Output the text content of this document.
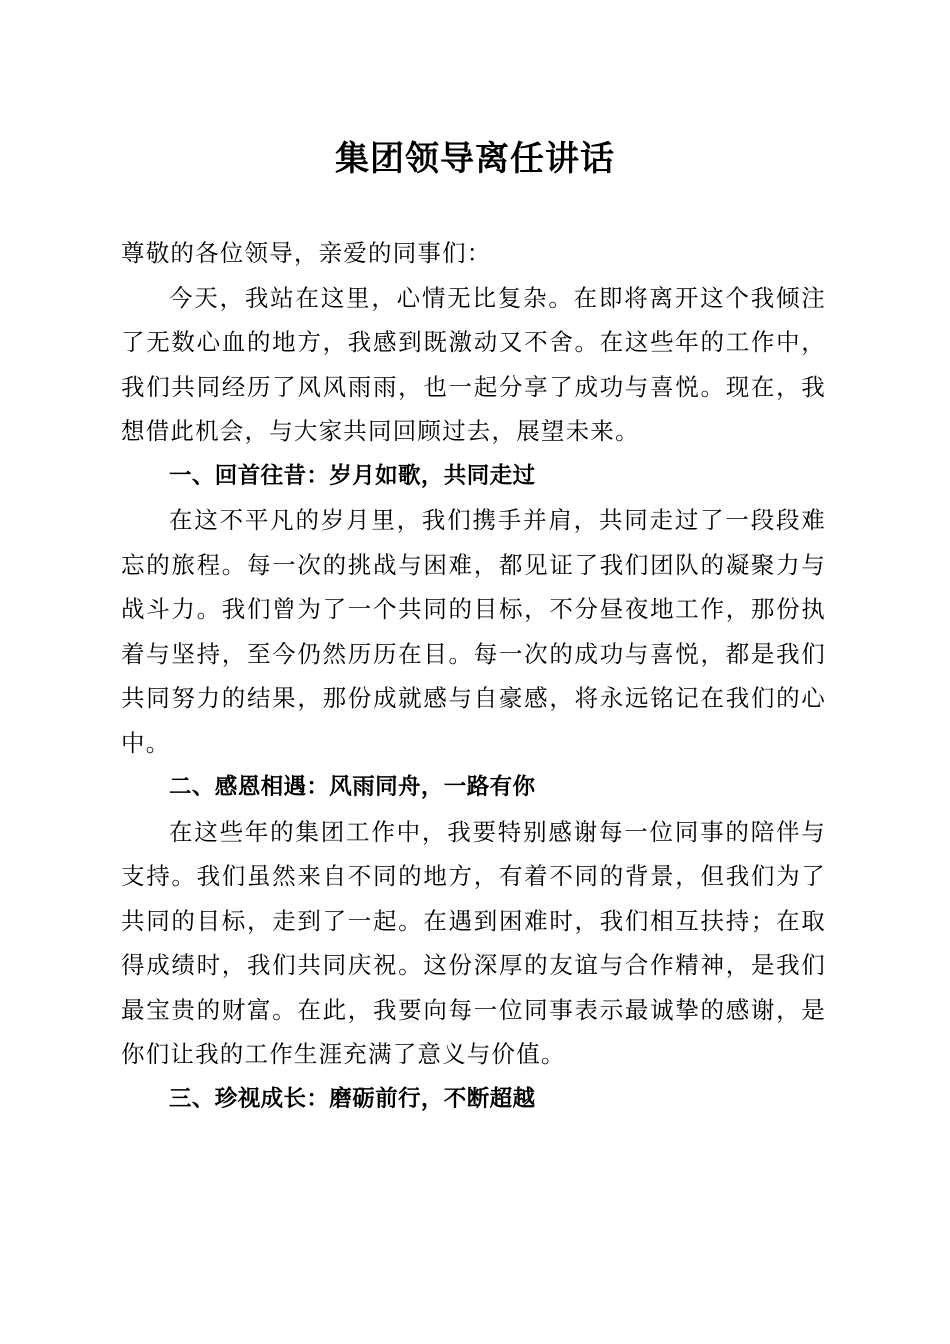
集团领导离任讲话

尊敬的各位领导，亲爱的同事们：

今天，我站在这里，心情无比复杂。在即将离开这个我倾注了无数心血的地方，我感到既激动又不舍。在这些年的工作中，我们共同经历了风风雨雨，也一起分享了成功与喜悦。现在，我想借此机会，与大家共同回顾过去，展望未来。

一、回首往昔：岁月如歌，共同走过

在这不平凡的岁月里，我们携手并肩，共同走过了一段段难忘的旅程。每一次的挑战与困难，都见证了我们团队的凝聚力与战斗力。我们曾为了一个共同的目标，不分昼夜地工作，那份执着与坚持，至今仍然历历在目。每一次的成功与喜悦，都是我们共同努力的结果，那份成就感与自豪感，将永远铭记在我们的心中。

二、感恩相遇：风雨同舟，一路有你

在这些年的集团工作中，我要特别感谢每一位同事的陪伴与支持。我们虽然来自不同的地方，有着不同的背景，但我们为了共同的目标，走到了一起。在遇到困难时，我们相互扶持；在取得成绩时，我们共同庆祝。这份深厚的友谊与合作精神，是我们最宝贵的财富。在此，我要向每一位同事表示最诚挚的感谢，是你们让我的工作生涯充满了意义与价值。

三、珍视成长：磨砺前行，不断超越
